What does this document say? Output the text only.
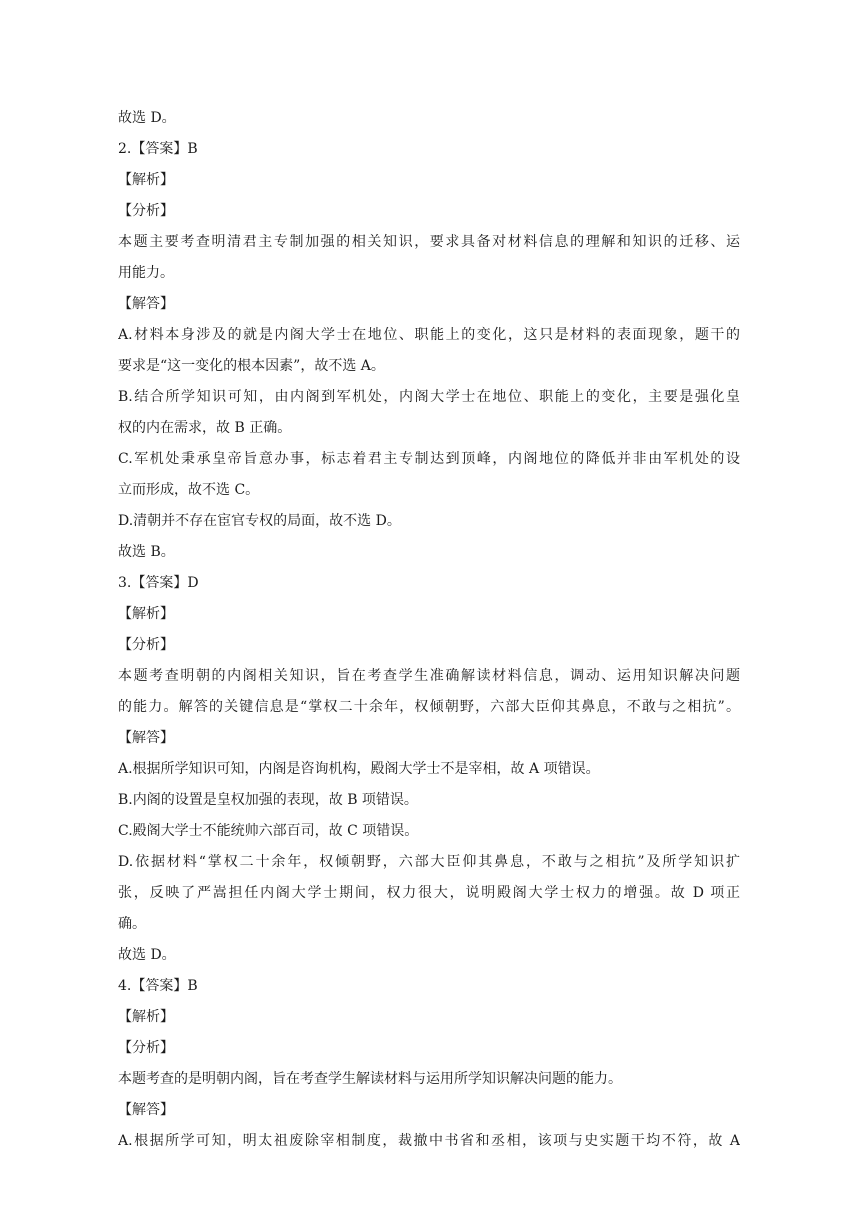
故选 D。
2.【答案】B
【解析】
【分析】
本题主要考查明清君主专制加强的相关知识，要求具备对材料信息的理解和知识的迁移、运
用能力。
【解答】
A.材料本身涉及的就是内阁大学士在地位、职能上的变化，这只是材料的表面现象，题干的
要求是“这一变化的根本因素”，故不选 A。
B.结合所学知识可知，由内阁到军机处，内阁大学士在地位、职能上的变化，主要是强化皇
权的内在需求，故 B 正确。
C.军机处秉承皇帝旨意办事，标志着君主专制达到顶峰，内阁地位的降低并非由军机处的设
立而形成，故不选 C。
D.清朝并不存在宦官专权的局面，故不选 D。
故选 B。
3.【答案】D
【解析】
【分析】
本题考查明朝的内阁相关知识，旨在考查学生准确解读材料信息，调动、运用知识解决问题
的能力。解答的关键信息是“掌权二十余年，权倾朝野，六部大臣仰其鼻息，不敢与之相抗”。
【解答】
A.根据所学知识可知，内阁是咨询机构，殿阁大学士不是宰相，故 A 项错误。
B.内阁的设置是皇权加强的表现，故 B 项错误。
C.殿阁大学士不能统帅六部百司，故 C 项错误。
D.依据材料“掌权二十余年，权倾朝野，六部大臣仰其鼻息，不敢与之相抗”及所学知识扩
张，反映了严嵩担任内阁大学士期间，权力很大，说明殿阁大学士权力的增强。故 D 项正
确。
故选 D。
4.【答案】B
【解析】
【分析】
本题考查的是明朝内阁，旨在考查学生解读材料与运用所学知识解决问题的能力。
【解答】
A.根据所学可知，明太祖废除宰相制度，裁撤中书省和丞相，该项与史实题干均不符，故 A
